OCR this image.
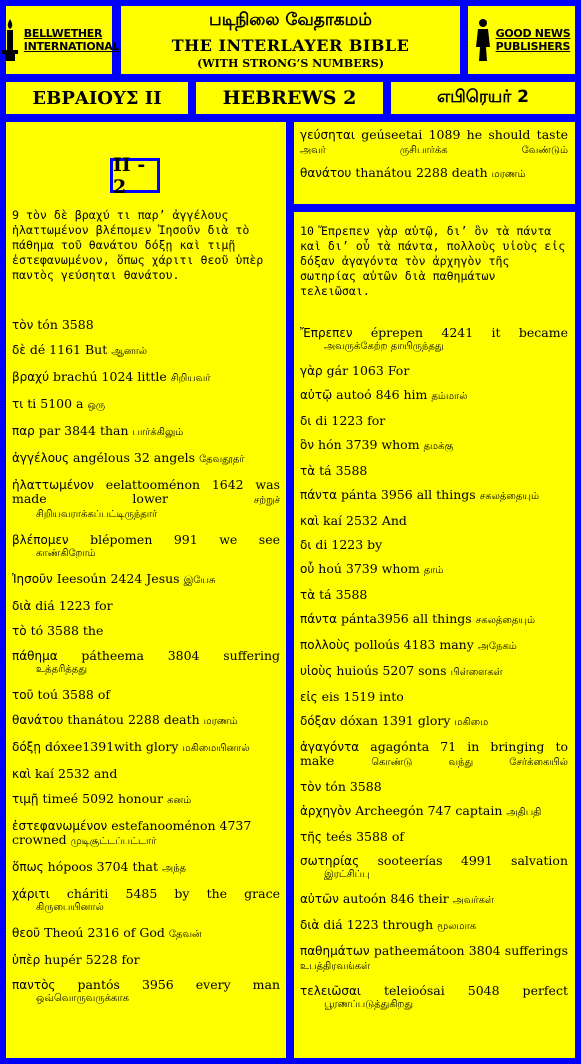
BELLWETHER
INTERNATIONAL
படிநிலை வேதாகமம்
THE INTERLAYER BIBLE
(WITH STRONG’S NUMBERS)
GOOD NEWS
PUBLISHERS
ΕΒΡΑΙΟΥΣ ΙΙ	HEBREWS 2	எபிரெயர் 2
II - 2
9 τὸν δὲ βραχύ τι παρ’ ἀγγέλους ἠλαττωμένον βλέπομεν Ἰησοῦν διὰ τὸ πάθημα τοῦ θανάτου δόξῃ καὶ τιμῇ ἐστεφανωμένον, ὅπως χάριτι θεοῦ ὑπὲρ παντὸς γεύσηται θανάτου.
τὸν tón 3588
δὲ dé 1161 But ஆனால்
βραχύ brachú 1024 little சிறியவர்
τι ti 5100 a ஒரு
παρ par 3844 than பார்க்கிலும்
ἀγγέλους angélous 32 angels தேவதூதர்
ἠλαττωμένον eelattooménon 1642 was made lower	சற்றுச்
சிறியவராக்கப்பட்டிருந்தார்
βλέπομεν blépomen 991 we see
காண்கிறோம்
Ἰησοῦν Ieesoún 2424 Jesus இயேசு
διὰ diá 1223 for
τὸ tó 3588 the
πάθημα pátheema 3804 suffering
உத்தரித்தது
τοῦ toú 3588 of
θανάτου thanátou 2288 death மரணம்
δόξῃ dóxee1391with glory மகிமையினால்
καὶ kaí 2532 and
τιμῇ timeé 5092 honour கனம்
ἐστεφανωμένον estefanooménon 4737 crowned முடிசூட்டப்பட்டார்
ὅπως hópoos 3704 that அந்த
χάριτι cháriti 5485 by the grace
கிருபையினால்
θεοῦ Theoú 2316 of God தேவன்
ὑπὲρ hupér 5228 for
παντὸς pantós 3956 every man
ஒவ்வொருவருக்காக
γεύσηται geúseetai 1089 he should taste அவர் ருசிபார்க்க வேண்டும்
θανάτου thanátou 2288 death மரணம்
10 Ἔπρεπεν γὰρ αὐτῷ, δι’ ὃν τὰ πάντα καὶ δι’ οὗ τὰ πάντα, πολλοὺς υἱοὺς εἰς δόξαν ἀγαγόντα τὸν ἀρχηγὸν τῆς σωτηρίας αὐτῶν διὰ παθημάτων τελειῶσαι.
Ἔπρεπεν éprepen 4241 it became
அவருக்கேற்ற தாயிருந்தது
γὰρ gár 1063 For
αὐτῷ autoó 846 him தம்மால்
δι di 1223 for
ὃν hón 3739 whom தமக்கு
τὰ tá 3588
πάντα pánta 3956 all things சகலத்தையும்
καὶ kaí 2532 And
δι di 1223 by
οὗ hoú 3739 whom தாம்
τὰ tá 3588
πάντα pánta3956 all things சகலத்தையும்
πολλοὺς polloús 4183 many அநேகம்
υἱοὺς huioús 5207 sons பிள்ளைகள்
εἰς eis 1519 into
δόξαν dóxan 1391 glory மகிமை
ἀγαγόντα agagónta 71 in bringing to make	கொண்டு வந்து சேர்க்கையில்
τὸν tón 3588
ἀρχηγὸν Archeegón 747 captain அதிபதி
τῆς teés 3588 of
σωτηρίας sooteerías 4991 salvation
இரட்சிப்பு
αὐτῶν autoón 846 their அவர்கள்
διὰ diá 1223 through மூலமாக
παθημάτων patheemátoon 3804 sufferings உபத்திரவங்கள்
τελειῶσαι teleioósai 5048 perfect
பூரணப்படுத்துகிறது
